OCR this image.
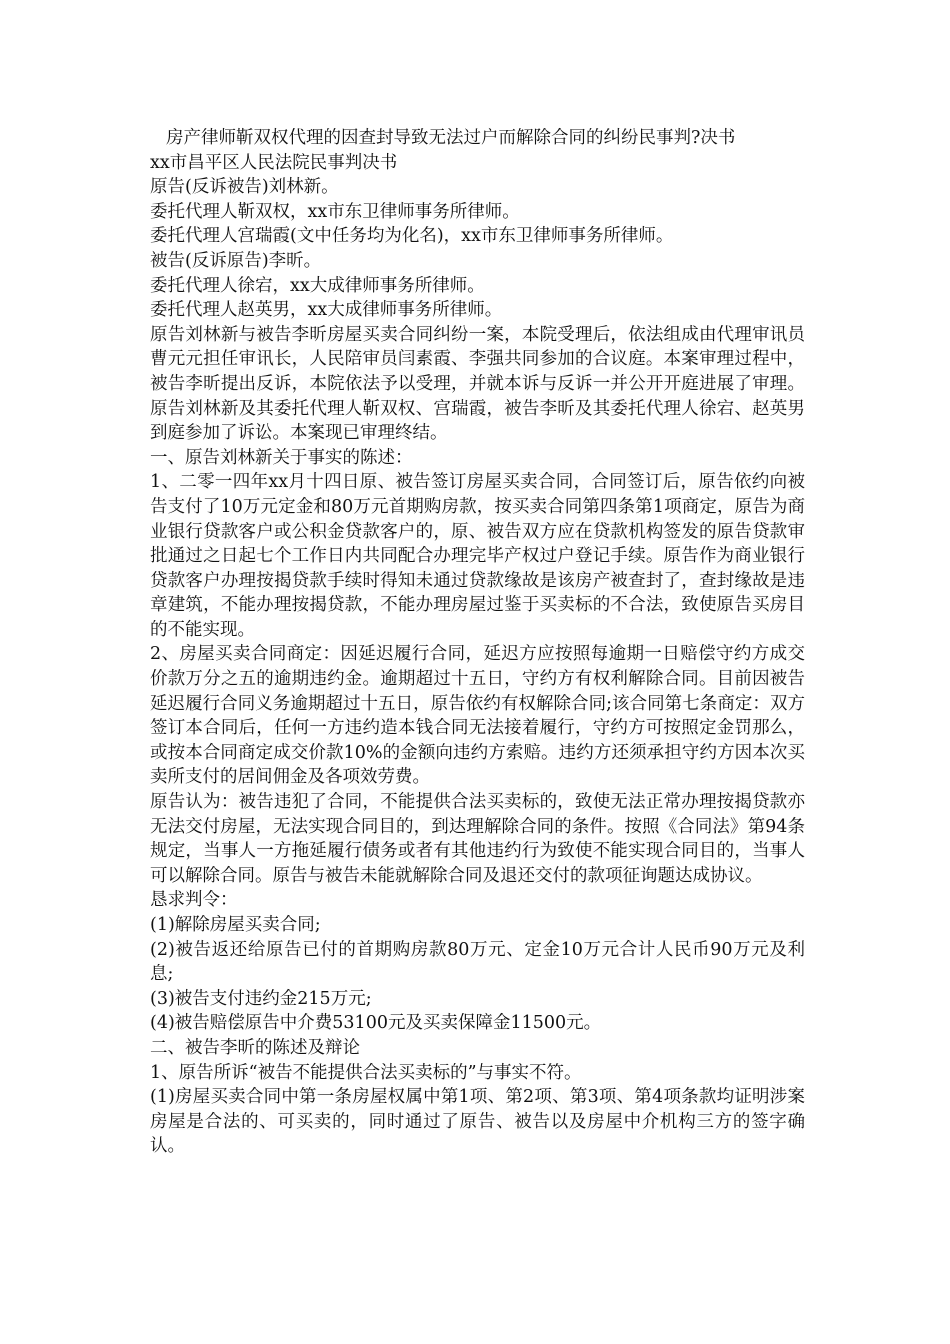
房产律师靳双权代理的因查封导致无法过户而解除合同的纠纷民事判?决书

xx市昌平区人民法院民事判决书

原告(反诉被告)刘林新。

委托代理人靳双权，xx市东卫律师事务所律师。

委托代理人宫瑞霞(文中任务均为化名)，xx市东卫律师事务所律师。

被告(反诉原告)李昕。

委托代理人徐宕，xx大成律师事务所律师。

委托代理人赵英男，xx大成律师事务所律师。

原告刘林新与被告李昕房屋买卖合同纠纷一案，本院受理后，依法组成由代理审讯员曹元元担任审讯长，人民陪审员闫素霞、李强共同参加的合议庭。本案审理过程中，被告李昕提出反诉，本院依法予以受理，并就本诉与反诉一并公开开庭进展了审理。原告刘林新及其委托代理人靳双权、宫瑞霞，被告李昕及其委托代理人徐宕、赵英男到庭参加了诉讼。本案现已审理终结。

一、原告刘林新关于事实的陈述：

1、二零一四年xx月十四日原、被告签订房屋买卖合同，合同签订后，原告依约向被告支付了10万元定金和80万元首期购房款，按买卖合同第四条第1项商定，原告为商业银行贷款客户或公积金贷款客户的，原、被告双方应在贷款机构签发的原告贷款审批通过之日起七个工作日内共同配合办理完毕产权过户登记手续。原告作为商业银行贷款客户办理按揭贷款手续时得知未通过贷款缘故是该房产被查封了，查封缘故是违章建筑，不能办理按揭贷款，不能办理房屋过鉴于买卖标的不合法，致使原告买房目的不能实现。

2、房屋买卖合同商定：因延迟履行合同，延迟方应按照每逾期一日赔偿守约方成交价款万分之五的逾期违约金。逾期超过十五日，守约方有权利解除合同。目前因被告延迟履行合同义务逾期超过十五日，原告依约有权解除合同;该合同第七条商定：双方签订本合同后，任何一方违约造本钱合同无法接着履行，守约方可按照定金罚那么，或按本合同商定成交价款10%的金额向违约方索赔。违约方还须承担守约方因本次买卖所支付的居间佣金及各项效劳费。

原告认为：被告违犯了合同，不能提供合法买卖标的，致使无法正常办理按揭贷款亦无法交付房屋，无法实现合同目的，到达理解除合同的条件。按照《合同法》第94条规定，当事人一方拖延履行债务或者有其他违约行为致使不能实现合同目的，当事人可以解除合同。原告与被告未能就解除合同及退还交付的款项征询题达成协议。

恳求判令：

(1)解除房屋买卖合同;

(2)被告返还给原告已付的首期购房款80万元、定金10万元合计人民币90万元及利息;

(3)被告支付违约金215万元;

(4)被告赔偿原告中介费53100元及买卖保障金11500元。

二、被告李昕的陈述及辩论

1、原告所诉“被告不能提供合法买卖标的”与事实不符。

(1)房屋买卖合同中第一条房屋权属中第1项、第2项、第3项、第4项条款均证明涉案房屋是合法的、可买卖的，同时通过了原告、被告以及房屋中介机构三方的签字确认。
